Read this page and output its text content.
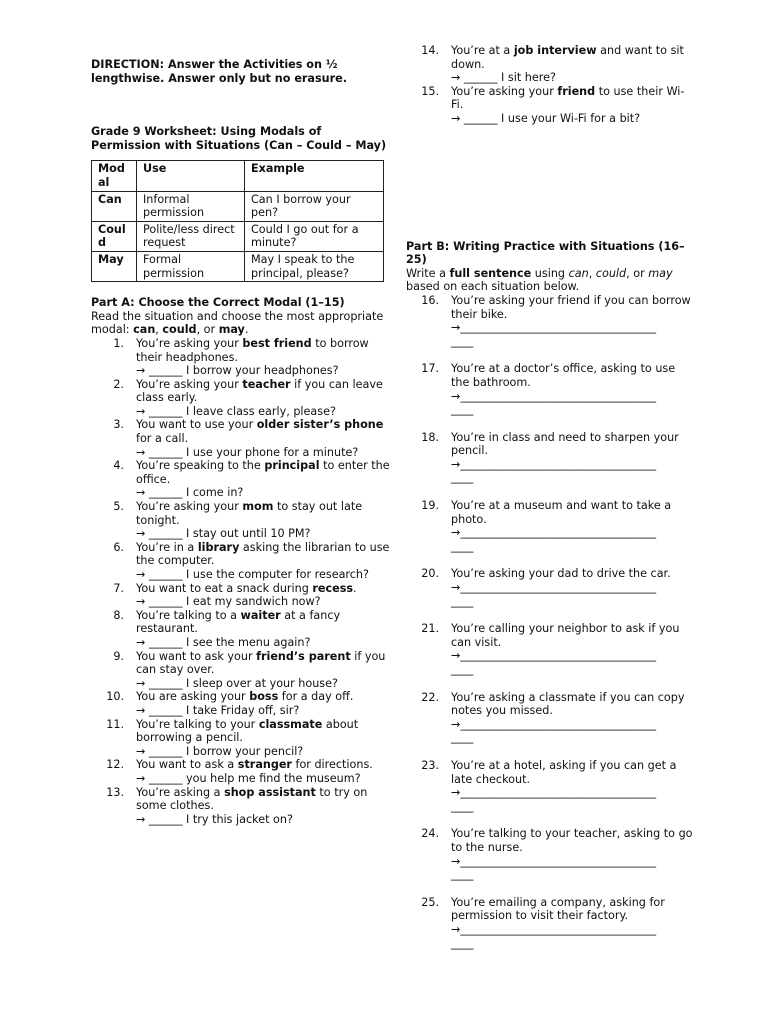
DIRECTION: Answer the Activities on ½ lengthwise. Answer only but no erasure.

Grade 9 Worksheet: Using Modals of Permission with Situations (Can – Could – May)

Modal	Use	Example
Can	Informal permission	Can I borrow your pen?
Could	Polite/less direct request	Could I go out for a minute?
May	Formal permission	May I speak to the principal, please?

Part A: Choose the Correct Modal (1–15)

Read the situation and choose the most appropriate modal: can, could, or may.

1. You’re asking your best friend to borrow their headphones.
→ ______ I borrow your headphones?
2. You’re asking your teacher if you can leave class early.
→ ______ I leave class early, please?
3. You want to use your older sister’s phone for a call.
→ ______ I use your phone for a minute?
4. You’re speaking to the principal to enter the office.
→ ______ I come in?
5. You’re asking your mom to stay out late tonight.
→ ______ I stay out until 10 PM?
6. You’re in a library asking the librarian to use the computer.
→ ______ I use the computer for research?
7. You want to eat a snack during recess.
→ ______ I eat my sandwich now?
8. You’re talking to a waiter at a fancy restaurant.
→ ______ I see the menu again?
9. You want to ask your friend’s parent if you can stay over.
→ ______ I sleep over at your house?
10. You are asking your boss for a day off.
→ ______ I take Friday off, sir?
11. You’re talking to your classmate about borrowing a pencil.
→ ______ I borrow your pencil?
12. You want to ask a stranger for directions.
→ ______ you help me find the museum?
13. You’re asking a shop assistant to try on some clothes.
→ ______ I try this jacket on?
14. You’re at a job interview and want to sit down.
→ ______ I sit here?
15. You’re asking your friend to use their Wi-Fi.
→ ______ I use your Wi-Fi for a bit?

Part B: Writing Practice with Situations (16–25)

Write a full sentence using can, could, or may based on each situation below.

16. You’re asking your friend if you can borrow their bike.
→___________________________________
____
17. You’re at a doctor’s office, asking to use the bathroom.
→___________________________________
____
18. You’re in class and need to sharpen your pencil.
→___________________________________
____
19. You’re at a museum and want to take a photo.
→___________________________________
____
20. You’re asking your dad to drive the car.
→___________________________________
____
21. You’re calling your neighbor to ask if you can visit.
→___________________________________
____
22. You’re asking a classmate if you can copy notes you missed.
→___________________________________
____
23. You’re at a hotel, asking if you can get a late checkout.
→___________________________________
____
24. You’re talking to your teacher, asking to go to the nurse.
→___________________________________
____
25. You’re emailing a company, asking for permission to visit their factory.
→___________________________________
____
